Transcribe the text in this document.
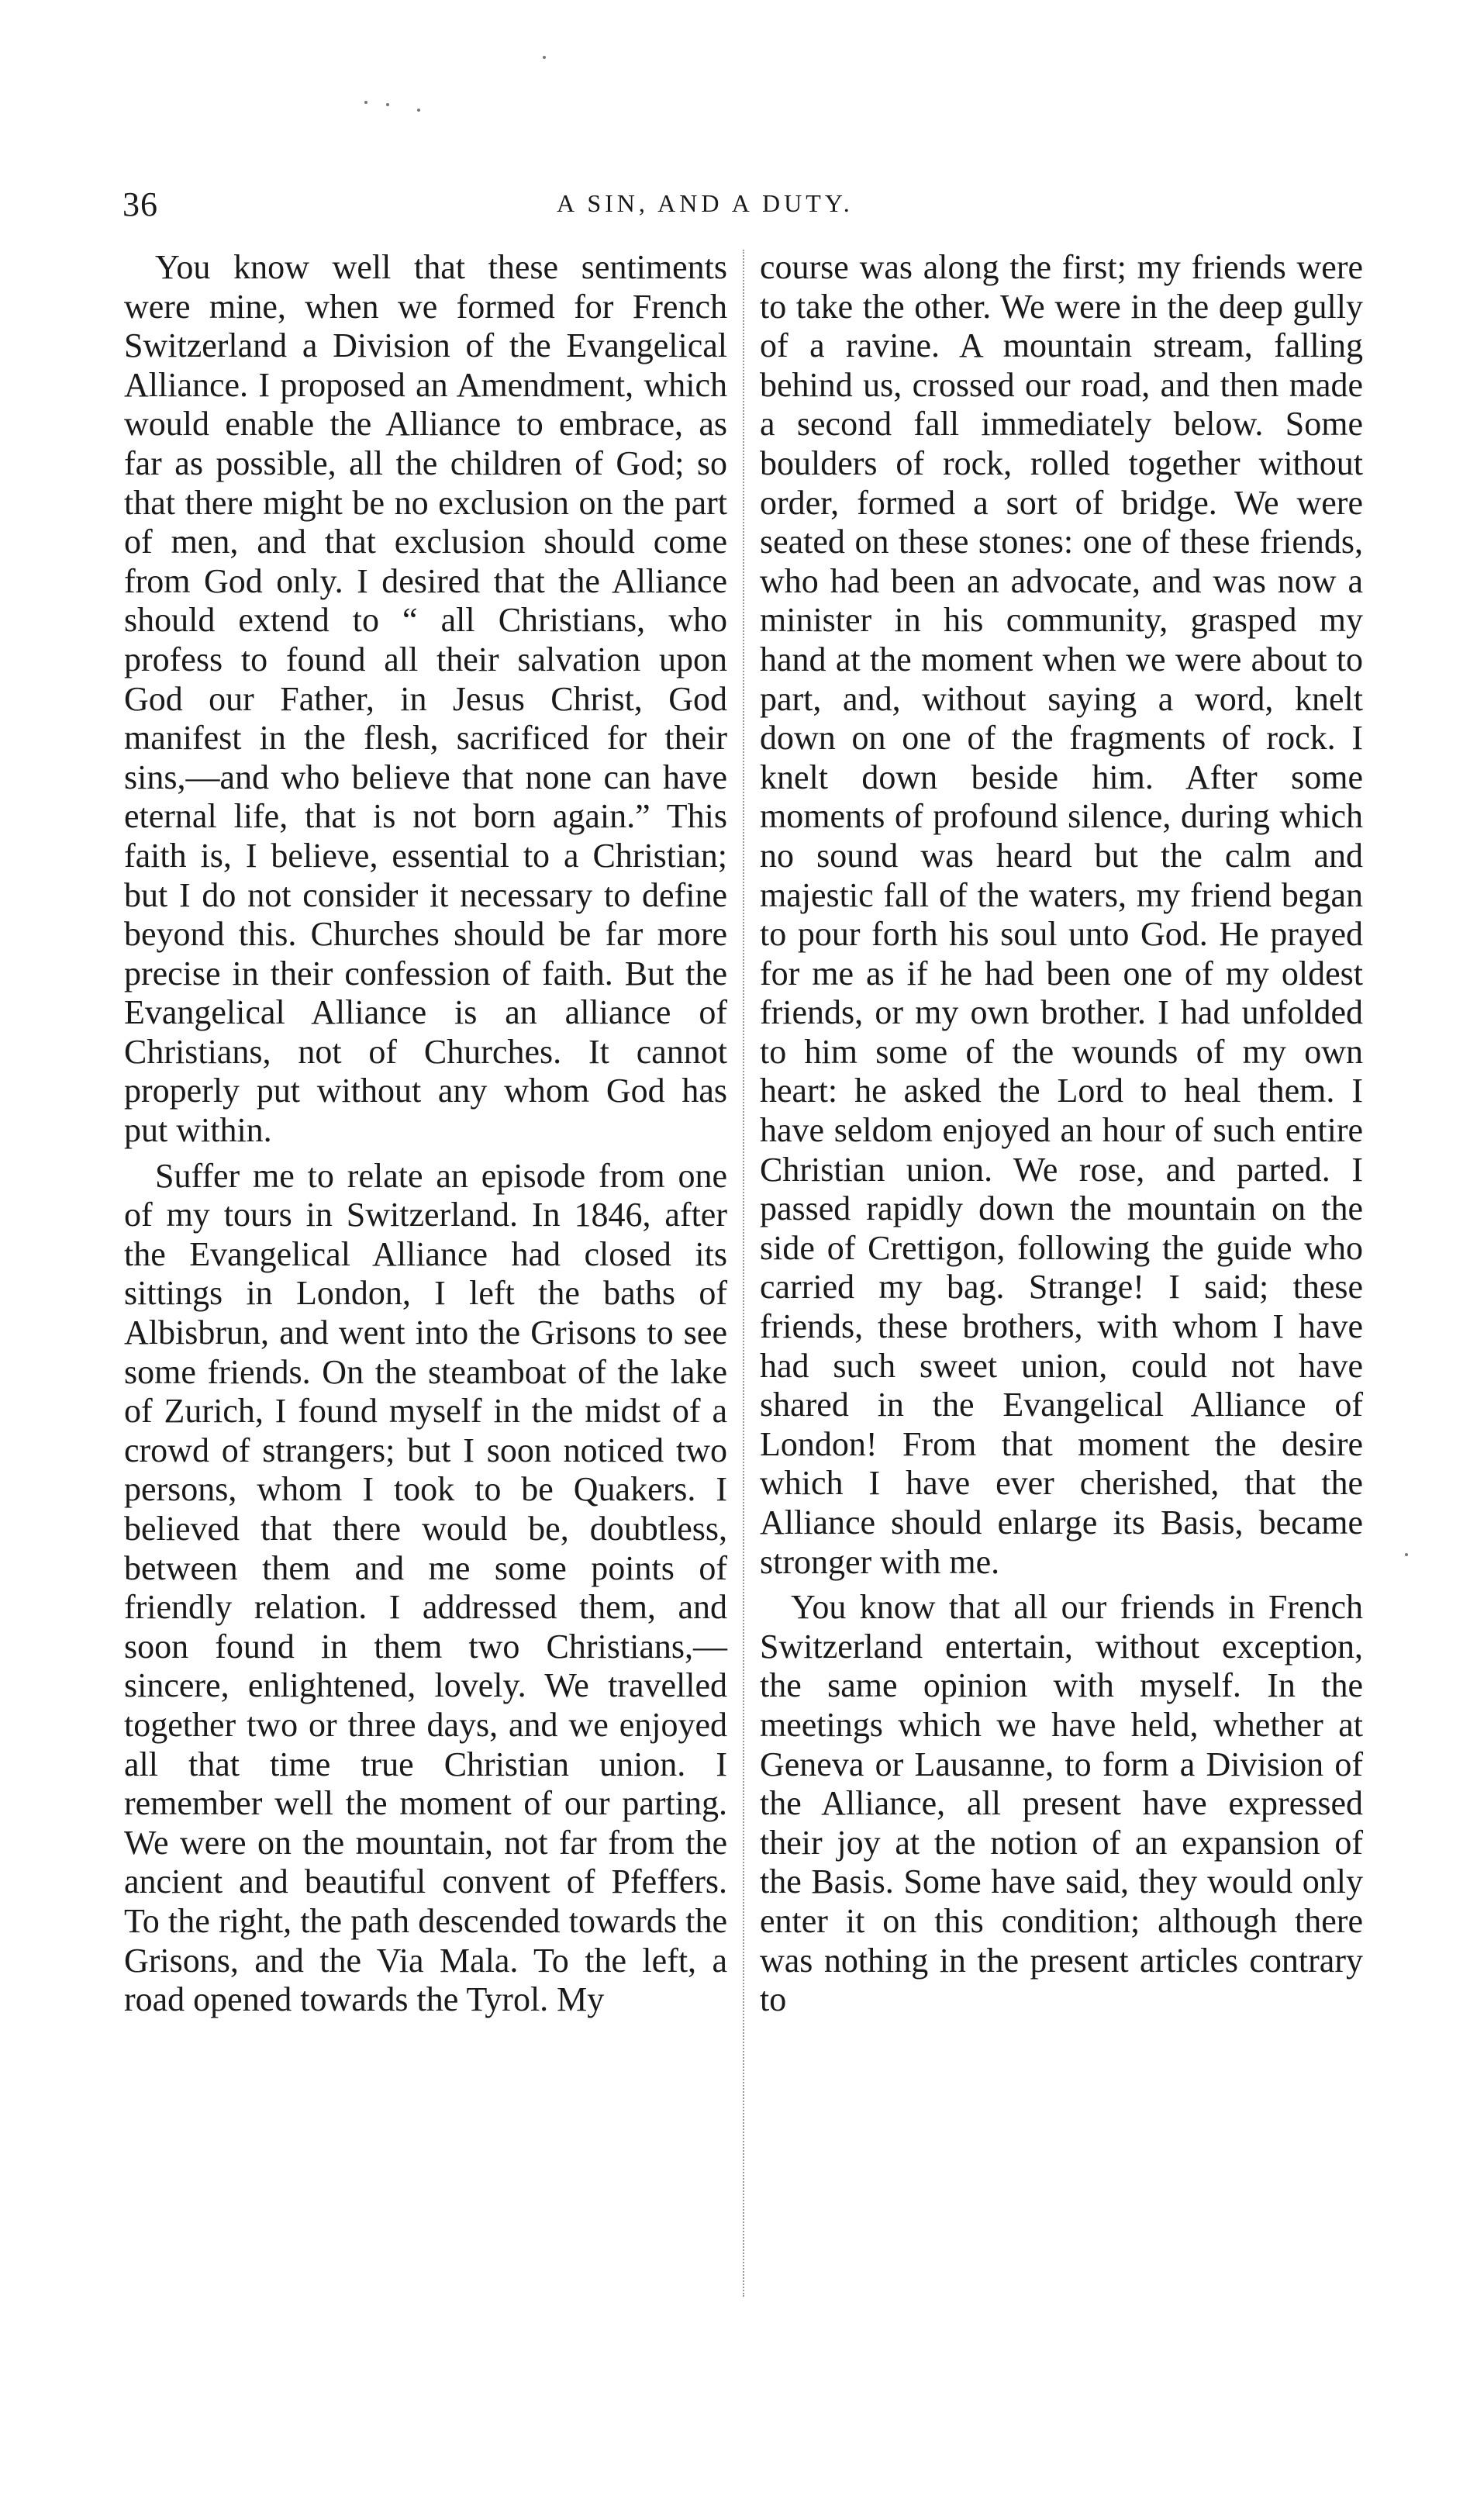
36	A SIN, AND A DUTY.

You know well that these sentiments were mine, when we formed for French Switzerland a Division of the Evangelical Alliance. I proposed an Amendment, which would enable the Alliance to embrace, as far as possible, all the children of God; so that there might be no exclusion on the part of men, and that exclusion should come from God only. I desired that the Alliance should extend to “ all Christians, who profess to found all their salvation upon God our Father, in Jesus Christ, God manifest in the flesh, sacrificed for their sins,—and who believe that none can have eternal life, that is not born again.” This faith is, I believe, essential to a Christian; but I do not consider it necessary to define beyond this. Churches should be far more precise in their confession of faith. But the Evangelical Alliance is an alliance of Christians, not of Churches. It cannot properly put without any whom God has put within.

Suffer me to relate an episode from one of my tours in Switzerland. In 1846, after the Evangelical Alliance had closed its sittings in London, I left the baths of Albisbrun, and went into the Grisons to see some friends. On the steamboat of the lake of Zurich, I found myself in the midst of a crowd of strangers; but I soon noticed two persons, whom I took to be Quakers. I believed that there would be, doubtless, between them and me some points of friendly relation. I addressed them, and soon found in them two Christians,—sincere, enlightened, lovely. We travelled together two or three days, and we enjoyed all that time true Christian union. I remember well the moment of our parting. We were on the mountain, not far from the ancient and beautiful convent of Pfeffers. To the right, the path descended towards the Grisons, and the Via Mala. To the left, a road opened towards the Tyrol. My

course was along the first; my friends were to take the other. We were in the deep gully of a ravine. A mountain stream, falling behind us, crossed our road, and then made a second fall immediately below. Some boulders of rock, rolled together without order, formed a sort of bridge. We were seated on these stones: one of these friends, who had been an advocate, and was now a minister in his community, grasped my hand at the moment when we were about to part, and, without saying a word, knelt down on one of the fragments of rock. I knelt down beside him. After some moments of profound silence, during which no sound was heard but the calm and majestic fall of the waters, my friend began to pour forth his soul unto God. He prayed for me as if he had been one of my oldest friends, or my own brother. I had unfolded to him some of the wounds of my own heart: he asked the Lord to heal them. I have seldom enjoyed an hour of such entire Christian union. We rose, and parted. I passed rapidly down the mountain on the side of Crettigon, following the guide who carried my bag. Strange! I said; these friends, these brothers, with whom I have had such sweet union, could not have shared in the Evangelical Alliance of London! From that moment the desire which I have ever cherished, that the Alliance should enlarge its Basis, became stronger with me.

You know that all our friends in French Switzerland entertain, without exception, the same opinion with myself. In the meetings which we have held, whether at Geneva or Lausanne, to form a Division of the Alliance, all present have expressed their joy at the notion of an expansion of the Basis. Some have said, they would only enter it on this condition; although there was nothing in the present articles contrary to
